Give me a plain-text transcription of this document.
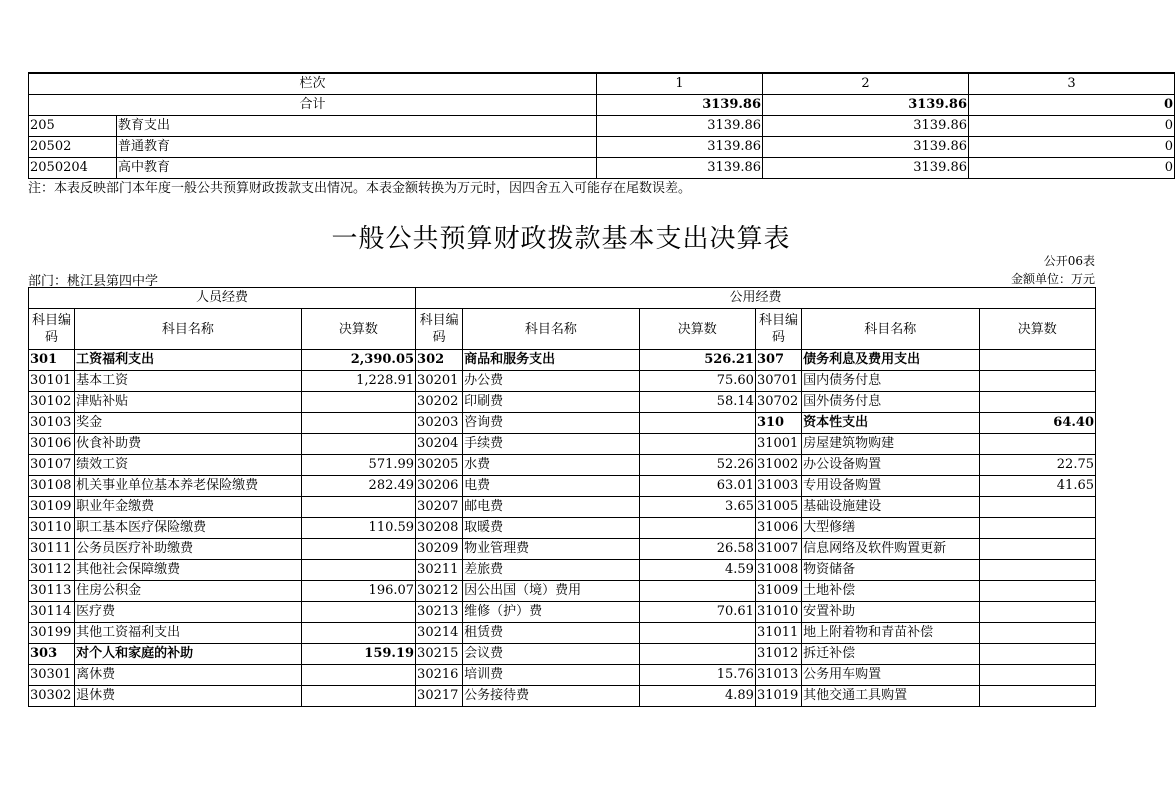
栏次		1	2	3
合计		3139.86	3139.86	0
205	教育支出	3139.86	3139.86	0
20502	普通教育	3139.86	3139.86	0
2050204	高中教育	3139.86	3139.86	0
注：本表反映部门本年度一般公共预算财政拨款支出情况。本表金额转换为万元时，因四舍五入可能存在尾数误差。
一般公共预算财政拨款基本支出决算表
公开06表
部门：桃江县第四中学	金额单位：万元
人员经费			公用经费					
科目编码	科目名称	决算数	科目编码	科目名称	决算数	科目编码	科目名称	决算数
301	工资福利支出	2,390.05	302	商品和服务支出	526.21	307	债务利息及费用支出	
30101	基本工资	1,228.91	30201	办公费	75.60	30701	国内债务付息	
30102	津贴补贴		30202	印刷费	58.14	30702	国外债务付息	
30103	奖金		30203	咨询费		310	资本性支出	64.40
30106	伙食补助费		30204	手续费		31001	房屋建筑物购建	
30107	绩效工资	571.99	30205	水费	52.26	31002	办公设备购置	22.75
30108	机关事业单位基本养老保险缴费	282.49	30206	电费	63.01	31003	专用设备购置	41.65
30109	职业年金缴费		30207	邮电费	3.65	31005	基础设施建设	
30110	职工基本医疗保险缴费	110.59	30208	取暖费		31006	大型修缮	
30111	公务员医疗补助缴费		30209	物业管理费	26.58	31007	信息网络及软件购置更新	
30112	其他社会保障缴费		30211	差旅费	4.59	31008	物资储备	
30113	住房公积金	196.07	30212	因公出国（境）费用		31009	土地补偿	
30114	医疗费		30213	维修（护）费	70.61	31010	安置补助	
30199	其他工资福利支出		30214	租赁费		31011	地上附着物和青苗补偿	
303	对个人和家庭的补助	159.19	30215	会议费		31012	拆迁补偿	
30301	离休费		30216	培训费	15.76	31013	公务用车购置	
30302	退休费		30217	公务接待费	4.89	31019	其他交通工具购置	
